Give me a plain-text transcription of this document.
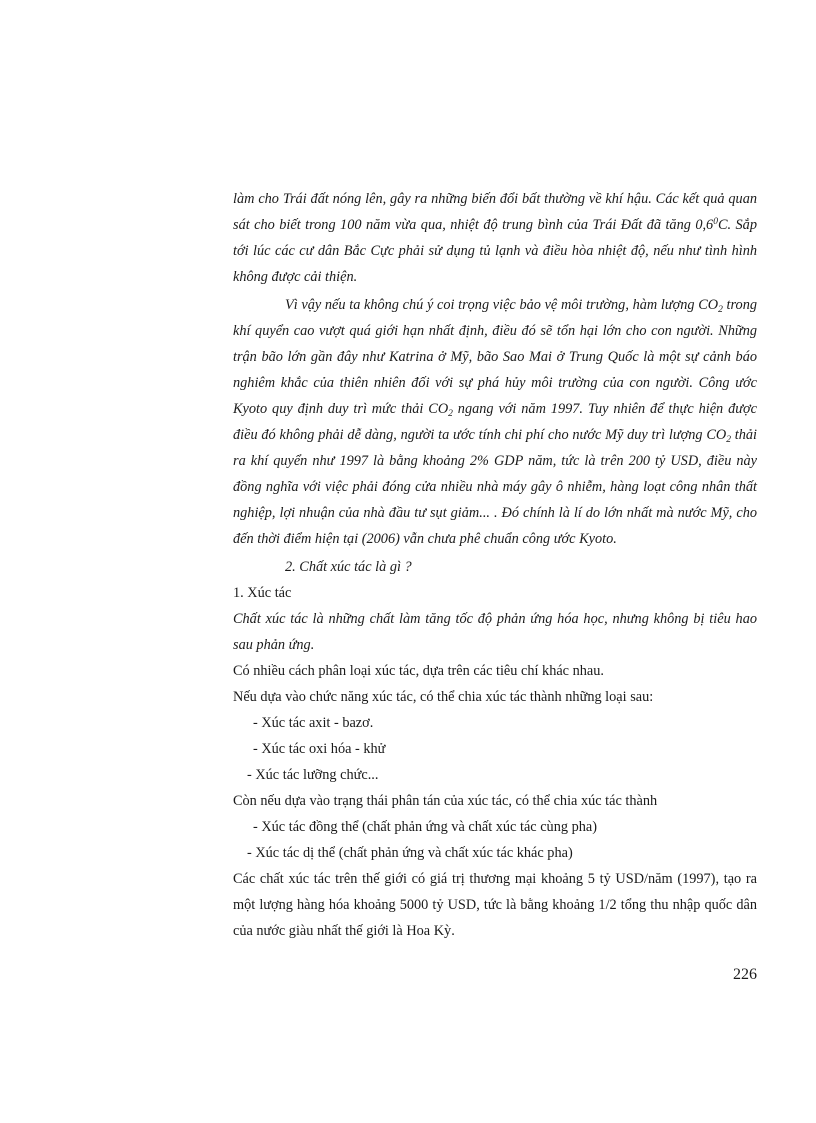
làm cho Trái đất nóng lên, gây ra những biến đổi bất thường về khí hậu. Các kết quả quan sát cho biết trong 100 năm vừa qua, nhiệt độ trung bình của Trái Đất đã tăng $0,6^0C$. Sắp tới lúc các cư dân Bắc Cực phải sử dụng tủ lạnh và điều hòa nhiệt độ, nếu như tình hình không được cải thiện.

Vì vậy nếu ta không chú ý coi trọng việc bảo vệ môi trường, hàm lượng $CO_2$ trong khí quyển cao vượt quá giới hạn nhất định, điều đó sẽ tổn hại lớn cho con người. Những trận bão lớn gần đây như Katrina ở Mỹ, bão Sao Mai ở Trung Quốc là một sự cảnh báo nghiêm khắc của thiên nhiên đối với sự phá hủy môi trường của con người. Công ước Kyoto quy định duy trì mức thải $CO_2$ ngang với năm 1997. Tuy nhiên để thực hiện được điều đó không phải dễ dàng, người ta ước tính chi phí cho nước Mỹ duy trì lượng $CO_2$ thải ra khí quyển như 1997 là bằng khoảng 2% GDP năm, tức là trên 200 tỷ USD, điều này đồng nghĩa với việc phải đóng cửa nhiều nhà máy gây ô nhiễm, hàng loạt công nhân thất nghiệp, lợi nhuận của nhà đầu tư sụt giảm... . Đó chính là lí do lớn nhất mà nước Mỹ, cho đến thời điểm hiện tại (2006) vẫn chưa phê chuẩn công ước Kyoto.

2. Chất xúc tác là gì ?

1. Xúc tác

Chất xúc tác là những chất làm tăng tốc độ phản ứng hóa học, nhưng không bị tiêu hao sau phản ứng.

Có nhiều cách phân loại xúc tác, dựa trên các tiêu chí khác nhau.

Nếu dựa vào chức năng xúc tác, có thể chia xúc tác thành những loại sau:

- Xúc tác axit - bazơ.

- Xúc tác oxi hóa - khử

- Xúc tác lưỡng chức...

Còn nếu dựa vào trạng thái phân tán của xúc tác, có thể chia xúc tác thành

- Xúc tác đồng thể (chất phản ứng và chất xúc tác cùng pha)

- Xúc tác dị thể (chất phản ứng và chất xúc tác khác pha)

Các chất xúc tác trên thế giới có giá trị thương mại khoảng 5 tỷ USD/năm (1997), tạo ra một lượng hàng hóa khoảng 5000 tỷ USD, tức là bằng khoảng 1/2 tổng thu nhập quốc dân của nước giàu nhất thế giới là Hoa Kỳ.

226
